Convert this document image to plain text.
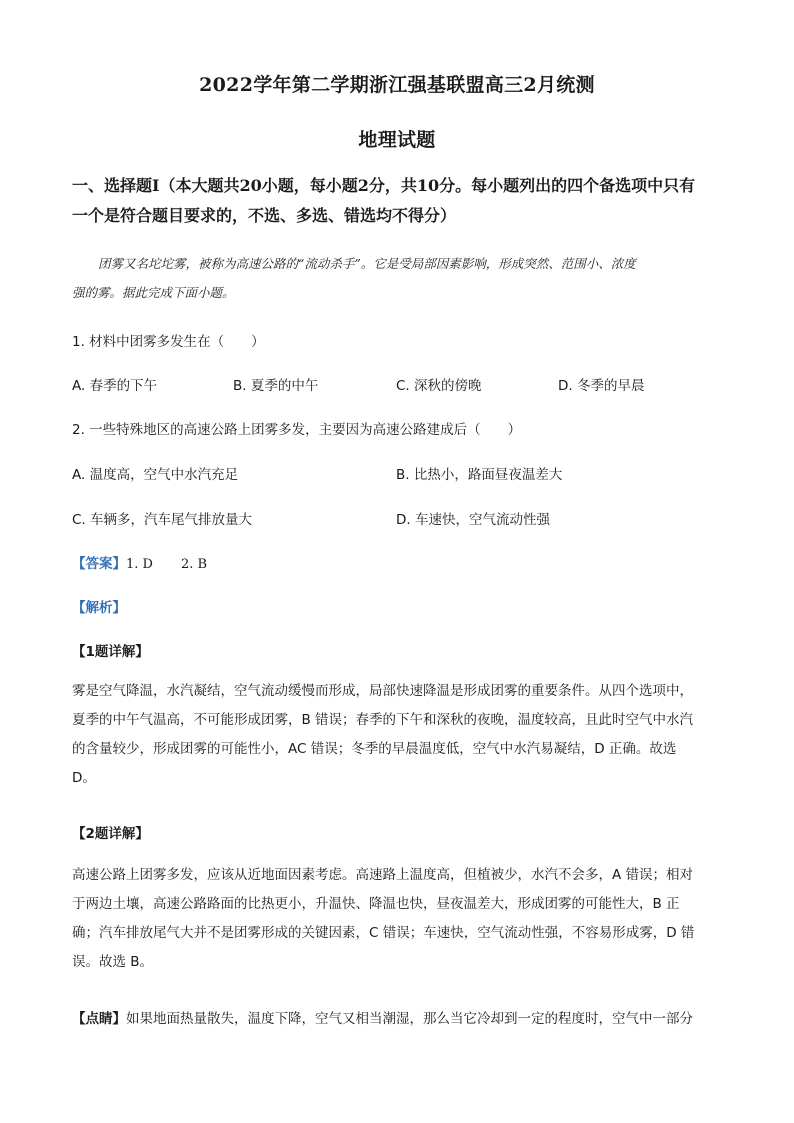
2022学年第二学期浙江强基联盟高三2月统测
地理试题
一、选择题Ⅰ（本大题共20小题，每小题2分，共10分。每小题列出的四个备选项中只有
一个是符合题目要求的，不选、多选、错选均不得分）
团雾又名坨坨雾，被称为高速公路的“流动杀手”。它是受局部因素影响，形成突然、范围小、浓度
强的雾。据此完成下面小题。
1. 材料中团雾多发生在（　　）
A. 春季的下午	B. 夏季的中午	C. 深秋的傍晚	D. 冬季的早晨
2. 一些特殊地区的高速公路上团雾多发，主要因为高速公路建成后（　　）
A. 温度高，空气中水汽充足	B. 比热小，路面昼夜温差大
C. 车辆多，汽车尾气排放量大	D. 车速快，空气流动性强
【答案】1. D 2. B
【解析】
【1题详解】
雾是空气降温，水汽凝结，空气流动缓慢而形成，局部快速降温是形成团雾的重要条件。从四个选项中，
夏季的中午气温高，不可能形成团雾，B 错误；春季的下午和深秋的夜晚，温度较高，且此时空气中水汽
的含量较少，形成团雾的可能性小，AC 错误；冬季的早晨温度低，空气中水汽易凝结，D 正确。故选
D。
【2题详解】
高速公路上团雾多发，应该从近地面因素考虑。高速路上温度高，但植被少，水汽不会多，A 错误；相对
于两边土壤，高速公路路面的比热更小，升温快、降温也快，昼夜温差大，形成团雾的可能性大，B 正
确；汽车排放尾气大并不是团雾形成的关键因素，C 错误；车速快，空气流动性强，不容易形成雾，D 错
误。故选 B。
【点睛】如果地面热量散失，温度下降，空气又相当潮湿，那么当它冷却到一定的程度时，空气中一部分
